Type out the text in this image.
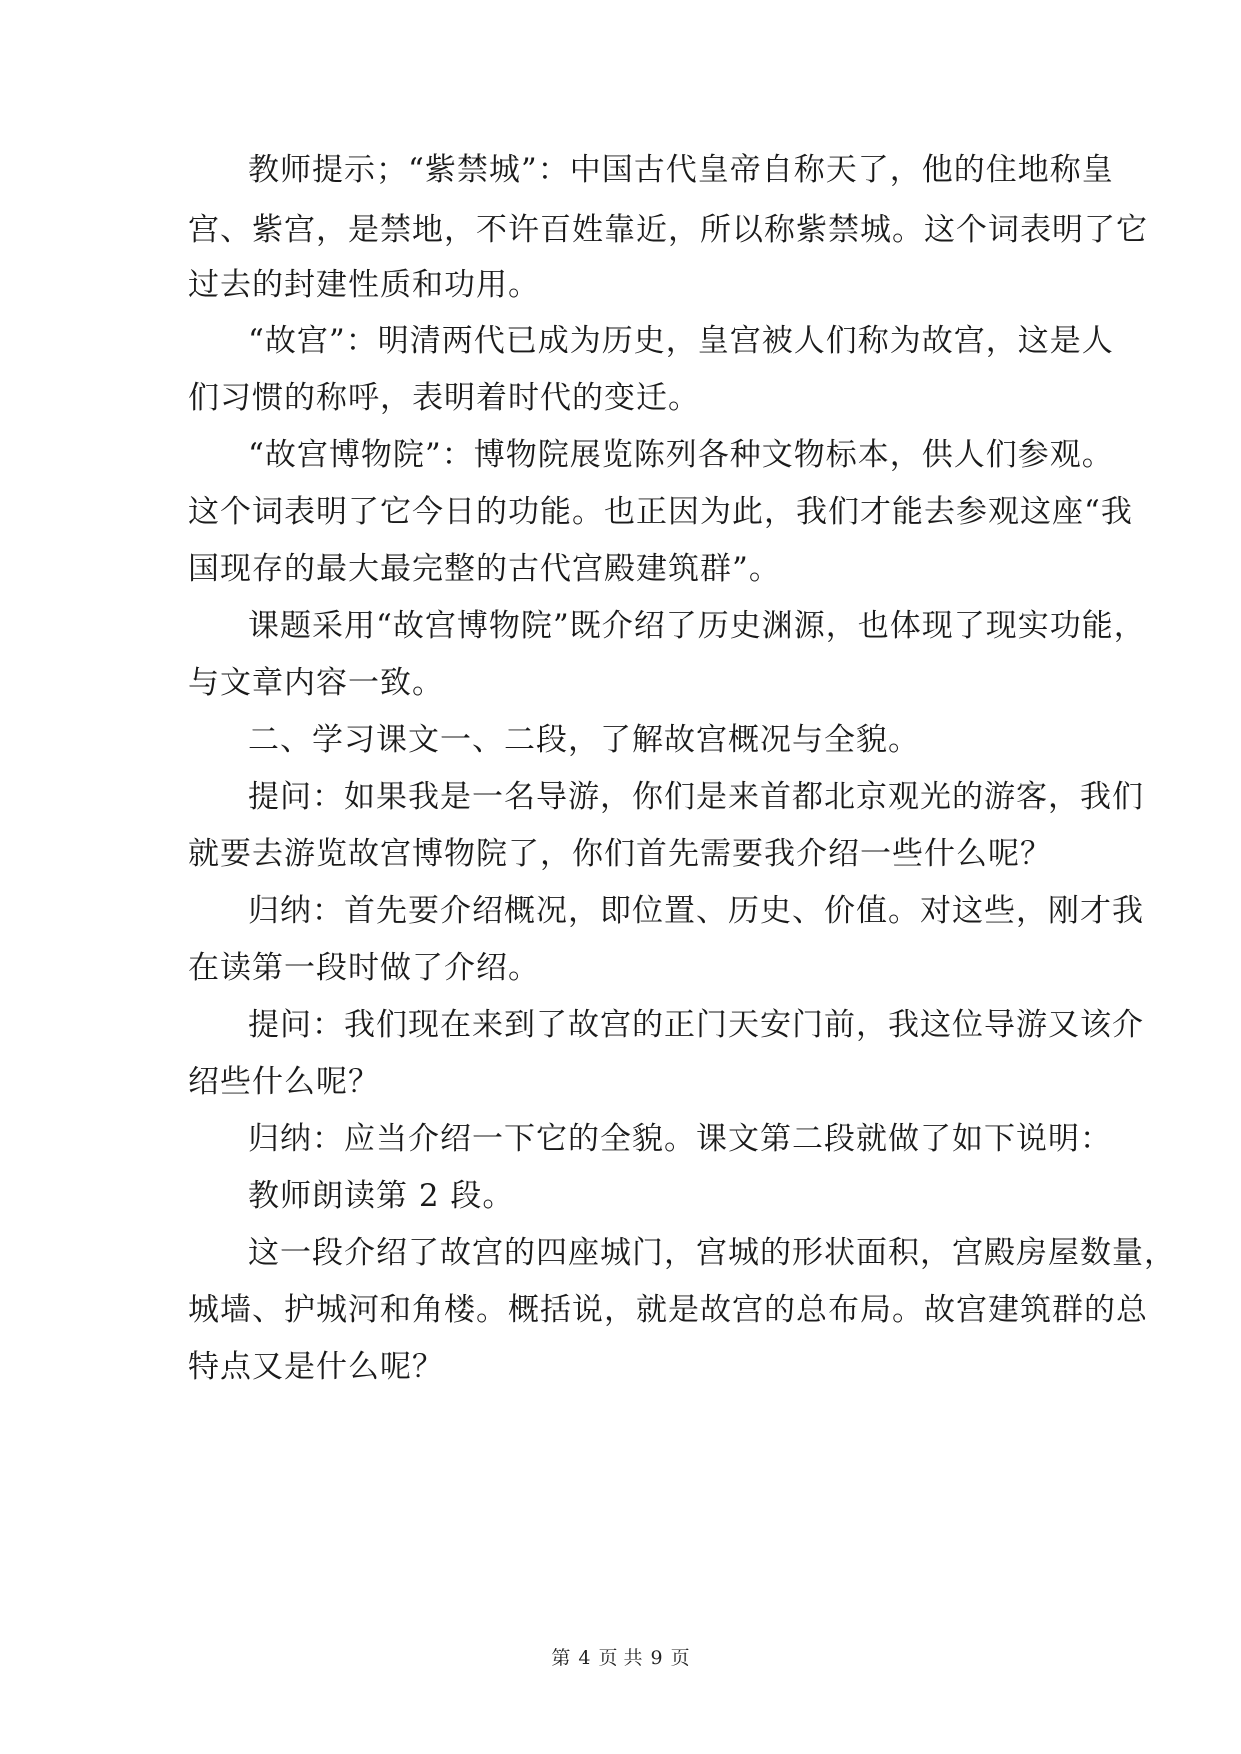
教师提示；“紫禁城”：中国古代皇帝自称天了，他的住地称皇
宫、紫宫，是禁地，不许百姓靠近，所以称紫禁城。这个词表明了它
过去的封建性质和功用。
“故宫”：明清两代已成为历史，皇宫被人们称为故宫，这是人
们习惯的称呼，表明着时代的变迁。
“故宫博物院”：博物院展览陈列各种文物标本，供人们参观。
这个词表明了它今日的功能。也正因为此，我们才能去参观这座“我
国现存的最大最完整的古代宫殿建筑群”。
课题采用“故宫博物院”既介绍了历史渊源，也体现了现实功能，
与文章内容一致。
二、学习课文一、二段，了解故宫概况与全貌。
提问：如果我是一名导游，你们是来首都北京观光的游客，我们
就要去游览故宫博物院了，你们首先需要我介绍一些什么呢？
归纳：首先要介绍概况，即位置、历史、价值。对这些，刚才我
在读第一段时做了介绍。
提问：我们现在来到了故宫的正门天安门前，我这位导游又该介
绍些什么呢？
归纳：应当介绍一下它的全貌。课文第二段就做了如下说明：
教师朗读第 2 段。
这一段介绍了故宫的四座城门，宫城的形状面积，宫殿房屋数量，
城墙、护城河和角楼。概括说，就是故宫的总布局。故宫建筑群的总
特点又是什么呢？
第 4 页 共 9 页
